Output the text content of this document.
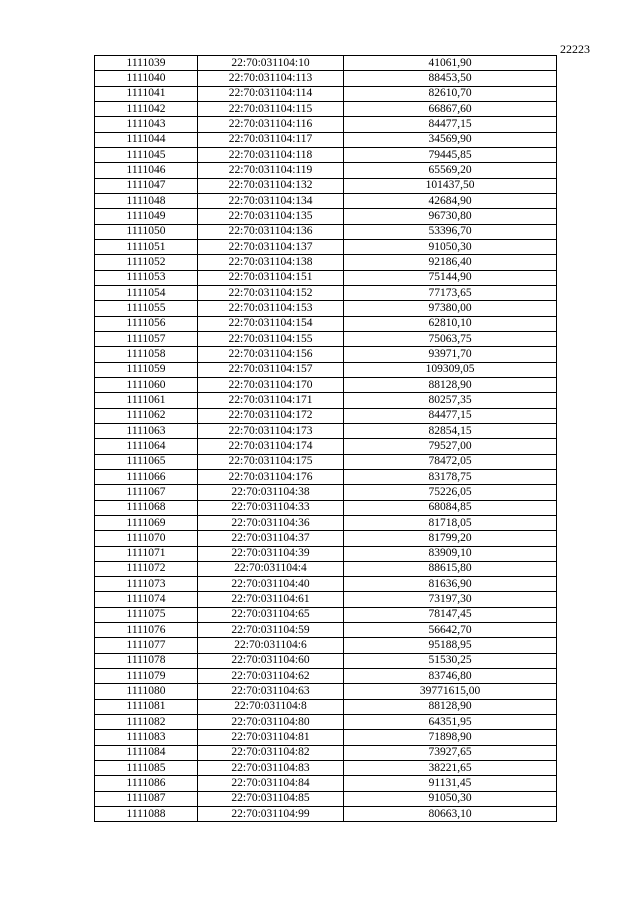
22223
1111039	22:70:031104:10	41061,90
1111040	22:70:031104:113	88453,50
1111041	22:70:031104:114	82610,70
1111042	22:70:031104:115	66867,60
1111043	22:70:031104:116	84477,15
1111044	22:70:031104:117	34569,90
1111045	22:70:031104:118	79445,85
1111046	22:70:031104:119	65569,20
1111047	22:70:031104:132	101437,50
1111048	22:70:031104:134	42684,90
1111049	22:70:031104:135	96730,80
1111050	22:70:031104:136	53396,70
1111051	22:70:031104:137	91050,30
1111052	22:70:031104:138	92186,40
1111053	22:70:031104:151	75144,90
1111054	22:70:031104:152	77173,65
1111055	22:70:031104:153	97380,00
1111056	22:70:031104:154	62810,10
1111057	22:70:031104:155	75063,75
1111058	22:70:031104:156	93971,70
1111059	22:70:031104:157	109309,05
1111060	22:70:031104:170	88128,90
1111061	22:70:031104:171	80257,35
1111062	22:70:031104:172	84477,15
1111063	22:70:031104:173	82854,15
1111064	22:70:031104:174	79527,00
1111065	22:70:031104:175	78472,05
1111066	22:70:031104:176	83178,75
1111067	22:70:031104:38	75226,05
1111068	22:70:031104:33	68084,85
1111069	22:70:031104:36	81718,05
1111070	22:70:031104:37	81799,20
1111071	22:70:031104:39	83909,10
1111072	22:70:031104:4	88615,80
1111073	22:70:031104:40	81636,90
1111074	22:70:031104:61	73197,30
1111075	22:70:031104:65	78147,45
1111076	22:70:031104:59	56642,70
1111077	22:70:031104:6	95188,95
1111078	22:70:031104:60	51530,25
1111079	22:70:031104:62	83746,80
1111080	22:70:031104:63	39771615,00
1111081	22:70:031104:8	88128,90
1111082	22:70:031104:80	64351,95
1111083	22:70:031104:81	71898,90
1111084	22:70:031104:82	73927,65
1111085	22:70:031104:83	38221,65
1111086	22:70:031104:84	91131,45
1111087	22:70:031104:85	91050,30
1111088	22:70:031104:99	80663,10
